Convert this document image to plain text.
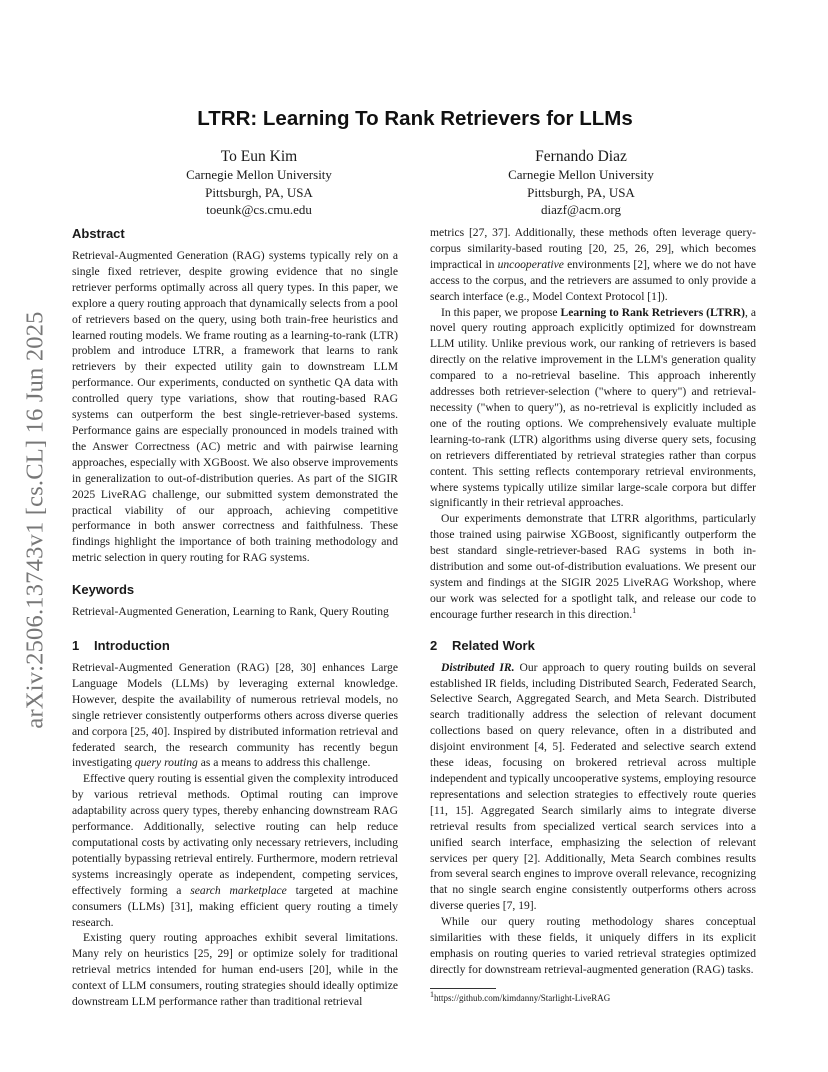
arXiv:2506.13743v1 [cs.CL] 16 Jun 2025
LTRR: Learning To Rank Retrievers for LLMs
To Eun Kim
Carnegie Mellon University
Pittsburgh, PA, USA
toeunk@cs.cmu.edu
Fernando Diaz
Carnegie Mellon University
Pittsburgh, PA, USA
diazf@acm.org
Abstract

Retrieval-Augmented Generation (RAG) systems typically rely on a single fixed retriever, despite growing evidence that no single retriever performs optimally across all query types. In this paper, we explore a query routing approach that dynamically selects from a pool of retrievers based on the query, using both train-free heuristics and learned routing models. We frame routing as a learning-to-rank (LTR) problem and introduce LTRR, a framework that learns to rank retrievers by their expected utility gain to downstream LLM performance. Our experiments, conducted on synthetic QA data with controlled query type variations, show that routing-based RAG systems can outperform the best single-retriever-based systems. Performance gains are especially pronounced in models trained with the Answer Correctness (AC) metric and with pairwise learning approaches, especially with XGBoost. We also observe improvements in generalization to out-of-distribution queries. As part of the SIGIR 2025 LiveRAG challenge, our submitted system demonstrated the practical viability of our approach, achieving competitive performance in both answer correctness and faithfulness. These findings highlight the importance of both training methodology and metric selection in query routing for RAG systems.

Keywords

Retrieval-Augmented Generation, Learning to Rank, Query Routing

1 Introduction

Retrieval-Augmented Generation (RAG) [28, 30] enhances Large Language Models (LLMs) by leveraging external knowledge. However, despite the availability of numerous retrieval models, no single retriever consistently outperforms others across diverse queries and corpora [25, 40]. Inspired by distributed information retrieval and federated search, the research community has recently begun investigating query routing as a means to address this challenge.

Effective query routing is essential given the complexity introduced by various retrieval methods. Optimal routing can improve adaptability across query types, thereby enhancing downstream RAG performance. Additionally, selective routing can help reduce computational costs by activating only necessary retrievers, including potentially bypassing retrieval entirely. Furthermore, modern retrieval systems increasingly operate as independent, competing services, effectively forming a search marketplace targeted at machine consumers (LLMs) [31], making efficient query routing a timely research.

Existing query routing approaches exhibit several limitations. Many rely on heuristics [25, 29] or optimize solely for traditional retrieval metrics intended for human end-users [20], while in the context of LLM consumers, routing strategies should ideally optimize downstream LLM performance rather than traditional retrieval

metrics [27, 37]. Additionally, these methods often leverage query-corpus similarity-based routing [20, 25, 26, 29], which becomes impractical in uncooperative environments [2], where we do not have access to the corpus, and the retrievers are assumed to only provide a search interface (e.g., Model Context Protocol [1]).

In this paper, we propose Learning to Rank Retrievers (LTRR), a novel query routing approach explicitly optimized for downstream LLM utility. Unlike previous work, our ranking of retrievers is based directly on the relative improvement in the LLM's generation quality compared to a no-retrieval baseline. This approach inherently addresses both retriever-selection ("where to query") and retrieval-necessity ("when to query"), as no-retrieval is explicitly included as one of the routing options. We comprehensively evaluate multiple learning-to-rank (LTR) algorithms using diverse query sets, focusing on retrievers differentiated by retrieval strategies rather than corpus content. This setting reflects contemporary retrieval environments, where systems typically utilize similar large-scale corpora but differ significantly in their retrieval approaches.

Our experiments demonstrate that LTRR algorithms, particularly those trained using pairwise XGBoost, significantly outperform the best standard single-retriever-based RAG systems in both in-distribution and some out-of-distribution evaluations. We present our system and findings at the SIGIR 2025 LiveRAG Workshop, where our work was selected for a spotlight talk, and release our code to encourage further research in this direction.$^1$

2 Related Work

Distributed IR. Our approach to query routing builds on several established IR fields, including Distributed Search, Federated Search, Selective Search, Aggregated Search, and Meta Search. Distributed search traditionally address the selection of relevant document collections based on query relevance, often in a distributed and disjoint environment [4, 5]. Federated and selective search extend these ideas, focusing on brokered retrieval across multiple independent and typically uncooperative systems, employing resource representations and selection strategies to effectively route queries [11, 15]. Aggregated Search similarly aims to integrate diverse retrieval results from specialized vertical search services into a unified search interface, emphasizing the selection of relevant services per query [2]. Additionally, Meta Search combines results from several search engines to improve overall relevance, recognizing that no single search engine consistently outperforms others across diverse queries [7, 19].

While our query routing methodology shares conceptual similarities with these fields, it uniquely differs in its explicit emphasis on routing queries to varied retrieval strategies optimized directly for downstream retrieval-augmented generation (RAG) tasks.

$^1$https://github.com/kimdanny/Starlight-LiveRAG
